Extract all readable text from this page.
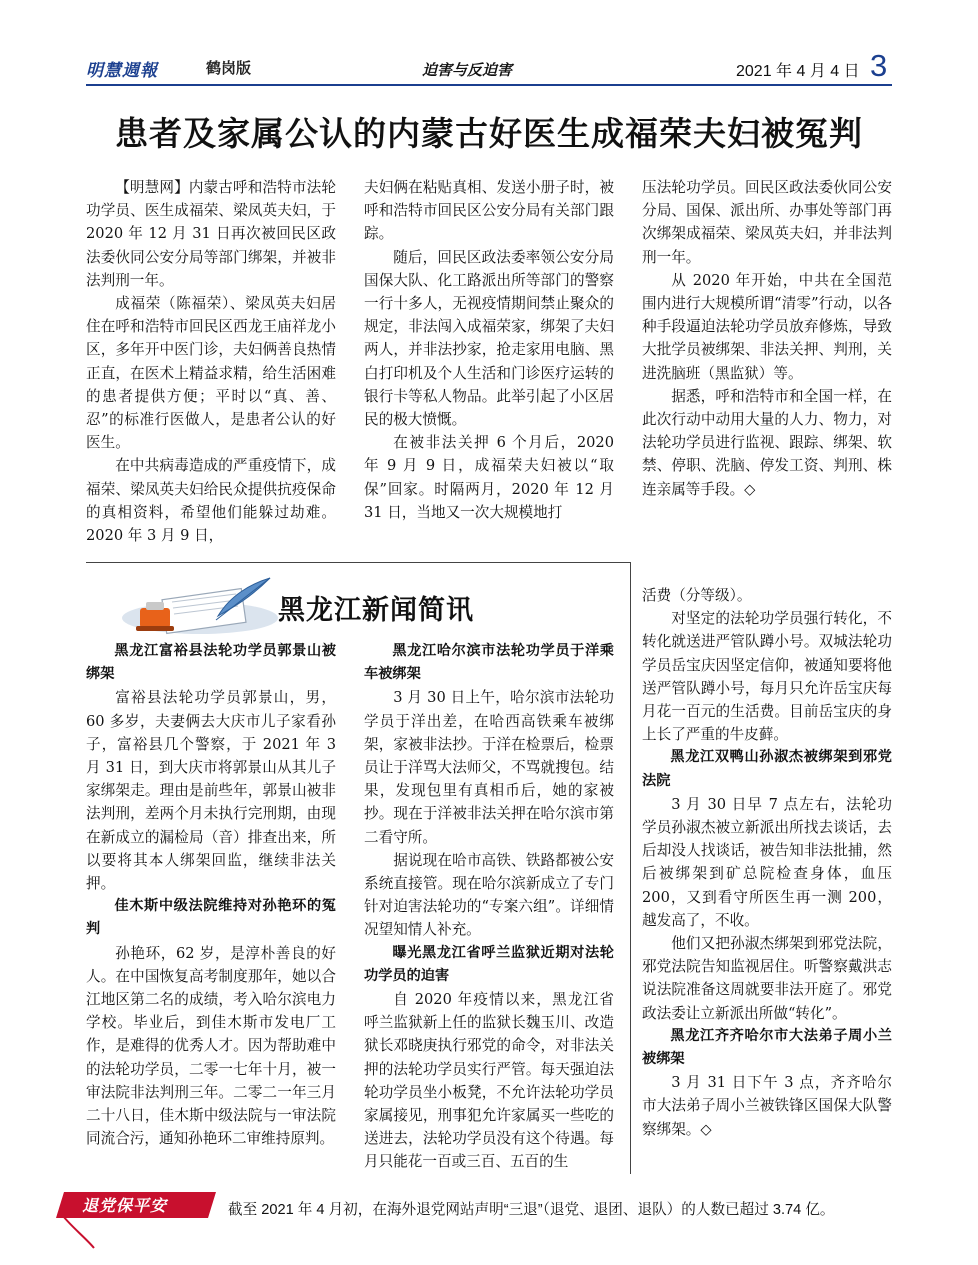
明慧週報	鹤岗版	迫害与反迫害	2021 年 4 月 4 日 3
患者及家属公认的内蒙古好医生成福荣夫妇被冤判

【明慧网】内蒙古呼和浩特市法轮功学员、医生成福荣、梁凤英夫妇，于 2020 年 12 月 31 日再次被回民区政法委伙同公安分局等部门绑架，并被非法判刑一年。

成福荣（陈福荣）、梁凤英夫妇居住在呼和浩特市回民区西龙王庙祥龙小区，多年开中医门诊，夫妇俩善良热情正直，在医术上精益求精，给生活困难的患者提供方便；平时以“真、善、忍”的标准行医做人，是患者公认的好医生。

在中共病毒造成的严重疫情下，成福荣、梁凤英夫妇给民众提供抗疫保命的真相资料，希望他们能躲过劫难。2020 年 3 月 9 日，

夫妇俩在粘贴真相、发送小册子时，被呼和浩特市回民区公安分局有关部门跟踪。

随后，回民区政法委率领公安分局国保大队、化工路派出所等部门的警察一行十多人，无视疫情期间禁止聚众的规定，非法闯入成福荣家，绑架了夫妇两人，并非法抄家，抢走家用电脑、黑白打印机及个人生活和门诊医疗运转的银行卡等私人物品。此举引起了小区居民的极大愤慨。

在被非法关押 6 个月后，2020 年 9 月 9 日，成福荣夫妇被以“取保”回家。时隔两月，2020 年 12 月 31 日，当地又一次大规模地打

压法轮功学员。回民区政法委伙同公安分局、国保、派出所、办事处等部门再次绑架成福荣、梁凤英夫妇，并非法判刑一年。

从 2020 年开始，中共在全国范围内进行大规模所谓“清零”行动，以各种手段逼迫法轮功学员放弃修炼，导致大批学员被绑架、非法关押、判刑，关进洗脑班（黑监狱）等。

据悉，呼和浩特市和全国一样，在此次行动中动用大量的人力、物力，对法轮功学员进行监视、跟踪、绑架、软禁、停职、洗脑、停发工资、判刑、株连亲属等手段。◇

黑龙江新闻简讯
黑龙江富裕县法轮功学员郭景山被绑架

富裕县法轮功学员郭景山，男，60 多岁，夫妻俩去大庆市儿子家看孙子，富裕县几个警察，于 2021 年 3 月 31 日，到大庆市将郭景山从其儿子家绑架走。理由是前些年，郭景山被非法判刑，差两个月未执行完刑期，由现在新成立的漏检局（音）排查出来，所以要将其本人绑架回监，继续非法关押。

佳木斯中级法院维持对孙艳环的冤判

孙艳环，62 岁，是淳朴善良的好人。在中国恢复高考制度那年，她以合江地区第二名的成绩，考入哈尔滨电力学校。毕业后，到佳木斯市发电厂工作，是难得的优秀人才。因为帮助难中的法轮功学员，二零一七年十月，被一审法院非法判刑三年。二零二一年三月二十八日，佳木斯中级法院与一审法院同流合污，通知孙艳环二审维持原判。

黑龙江哈尔滨市法轮功学员于洋乘车被绑架

3 月 30 日上午，哈尔滨市法轮功学员于洋出差，在哈西高铁乘车被绑架，家被非法抄。于洋在检票后，检票员让于洋骂大法师父，不骂就搜包。结果，发现包里有真相币后，她的家被抄。现在于洋被非法关押在哈尔滨市第二看守所。

据说现在哈市高铁、铁路都被公安系统直接管。现在哈尔滨新成立了专门针对迫害法轮功的“专案六组”。详细情况望知情人补充。

曝光黑龙江省呼兰监狱近期对法轮功学员的迫害

自 2020 年疫情以来，黑龙江省呼兰监狱新上任的监狱长魏玉川、改造狱长邓晓庚执行邪党的命令，对非法关押的法轮功学员实行严管。每天强迫法轮功学员坐小板凳，不允许法轮功学员家属接见，刑事犯允许家属买一些吃的送进去，法轮功学员没有这个待遇。每月只能花一百或三百、五百的生

活费（分等级）。

对坚定的法轮功学员强行转化，不转化就送进严管队蹲小号。双城法轮功学员岳宝庆因坚定信仰，被通知要将他送严管队蹲小号，每月只允许岳宝庆每月花一百元的生活费。目前岳宝庆的身上长了严重的牛皮藓。

黑龙江双鸭山孙淑杰被绑架到邪党法院

3 月 30 日早 7 点左右，法轮功学员孙淑杰被立新派出所找去谈话，去后却没人找谈话，被告知非法批捕，然后被绑架到矿总院检查身体，血压 200，又到看守所医生再一测 200，越发高了，不收。

他们又把孙淑杰绑架到邪党法院，邪党法院告知监视居住。听警察戴洪志说法院准备这周就要非法开庭了。邪党政法委让立新派出所做“转化”。

黑龙江齐齐哈尔市大法弟子周小兰被绑架

3 月 31 日下午 3 点，齐齐哈尔市大法弟子周小兰被铁锋区国保大队警察绑架。◇

退党保平安	截至 2021 年 4 月初，在海外退党网站声明“三退”（退党、退团、退队）的人数已超过 3.74 亿。
